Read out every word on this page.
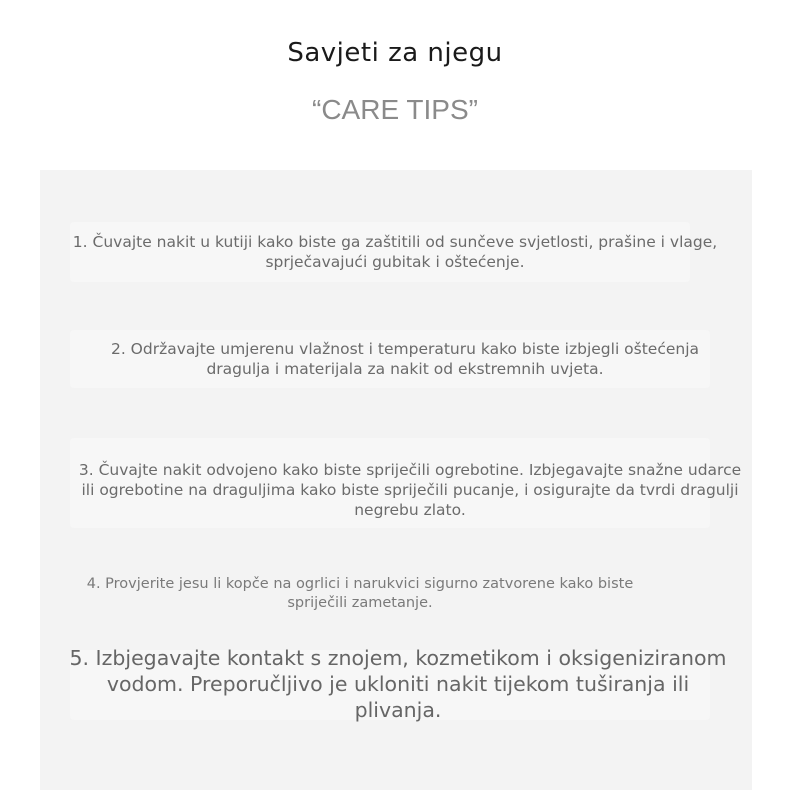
Savjeti za njegu
“CARE TIPS”
1. Čuvajte nakit u kutiji kako biste ga zaštitili od sunčeve svjetlosti, prašine i vlage, sprječavajući gubitak i oštećenje.
2. Održavajte umjerenu vlažnost i temperaturu kako biste izbjegli oštećenja dragulja i materijala za nakit od ekstremnih uvjeta.
3. Čuvajte nakit odvojeno kako biste spriječili ogrebotine. Izbjegavajte snažne udarce ili ogrebotine na draguljima kako biste spriječili pucanje, i osigurajte da tvrdi dragulji negrebu zlato.
4. Provjerite jesu li kopče na ogrlici i narukvici sigurno zatvorene kako biste spriječili zametanje.
5. Izbjegavajte kontakt s znojem, kozmetikom i oksigeniziranom vodom. Preporučljivo je ukloniti nakit tijekom tuširanja ili plivanja.
